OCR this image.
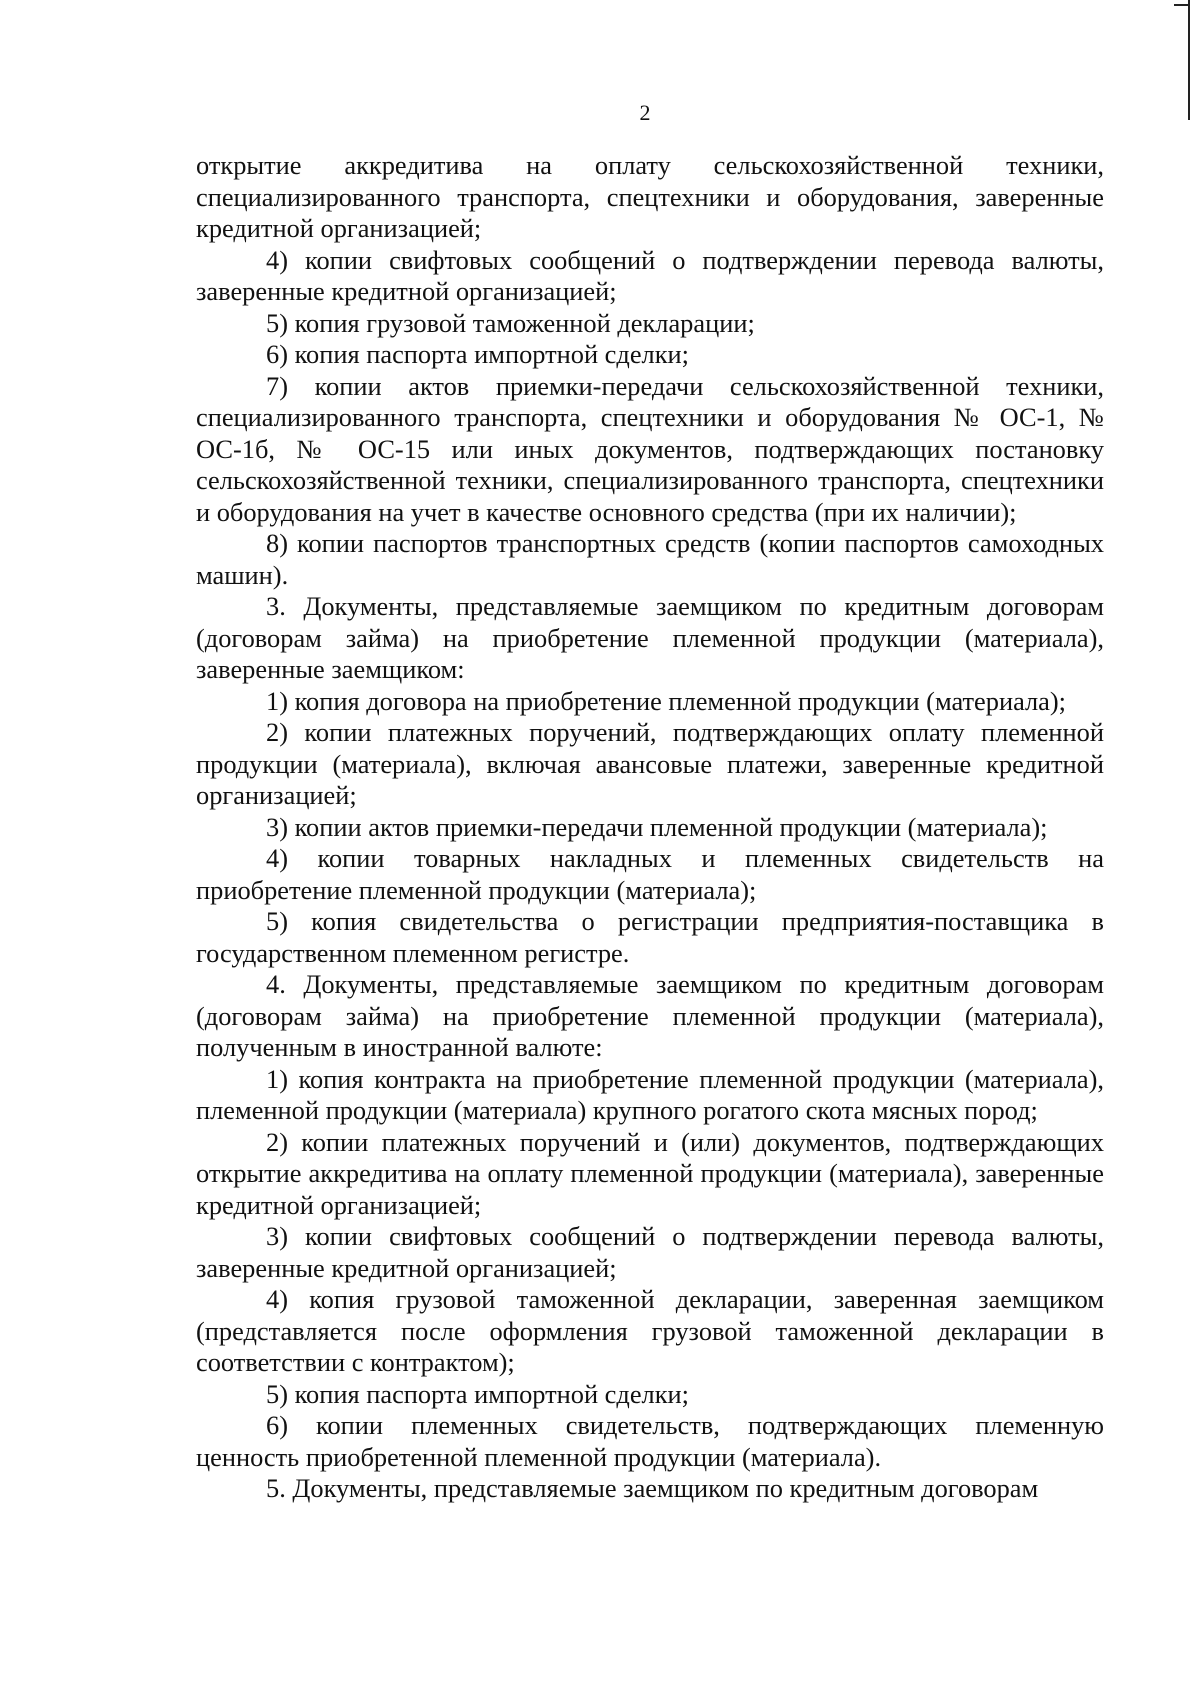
2

открытие аккредитива на оплату сельскохозяйственной техники, специализированного транспорта, спецтехники и оборудования, заверенные кредитной организацией;

4) копии свифтовых сообщений о подтверждении перевода валюты, заверенные кредитной организацией;

5) копия грузовой таможенной декларации;

6) копия паспорта импортной сделки;

7) копии актов приемки-передачи сельскохозяйственной техники, специализированного транспорта, спецтехники и оборудования № ОС-1, № ОС-1б, № ОС-15 или иных документов, подтверждающих постановку сельскохозяйственной техники, специализированного транспорта, спецтехники и оборудования на учет в качестве основного средства (при их наличии);

8) копии паспортов транспортных средств (копии паспортов самоходных машин).

3. Документы, представляемые заемщиком по кредитным договорам (договорам займа) на приобретение племенной продукции (материала), заверенные заемщиком:

1) копия договора на приобретение племенной продукции (материала);

2) копии платежных поручений, подтверждающих оплату племенной продукции (материала), включая авансовые платежи, заверенные кредитной организацией;

3) копии актов приемки-передачи племенной продукции (материала);

4) копии товарных накладных и племенных свидетельств на приобретение племенной продукции (материала);

5) копия свидетельства о регистрации предприятия-поставщика в государственном племенном регистре.

4. Документы, представляемые заемщиком по кредитным договорам (договорам займа) на приобретение племенной продукции (материала), полученным в иностранной валюте:

1) копия контракта на приобретение племенной продукции (материала), племенной продукции (материала) крупного рогатого скота мясных пород;

2) копии платежных поручений и (или) документов, подтверждающих открытие аккредитива на оплату племенной продукции (материала), заверенные кредитной организацией;

3) копии свифтовых сообщений о подтверждении перевода валюты, заверенные кредитной организацией;

4) копия грузовой таможенной декларации, заверенная заемщиком (представляется после оформления грузовой таможенной декларации в соответствии с контрактом);

5) копия паспорта импортной сделки;

6) копии племенных свидетельств, подтверждающих племенную ценность приобретенной племенной продукции (материала).

5. Документы, представляемые заемщиком по кредитным договорам
